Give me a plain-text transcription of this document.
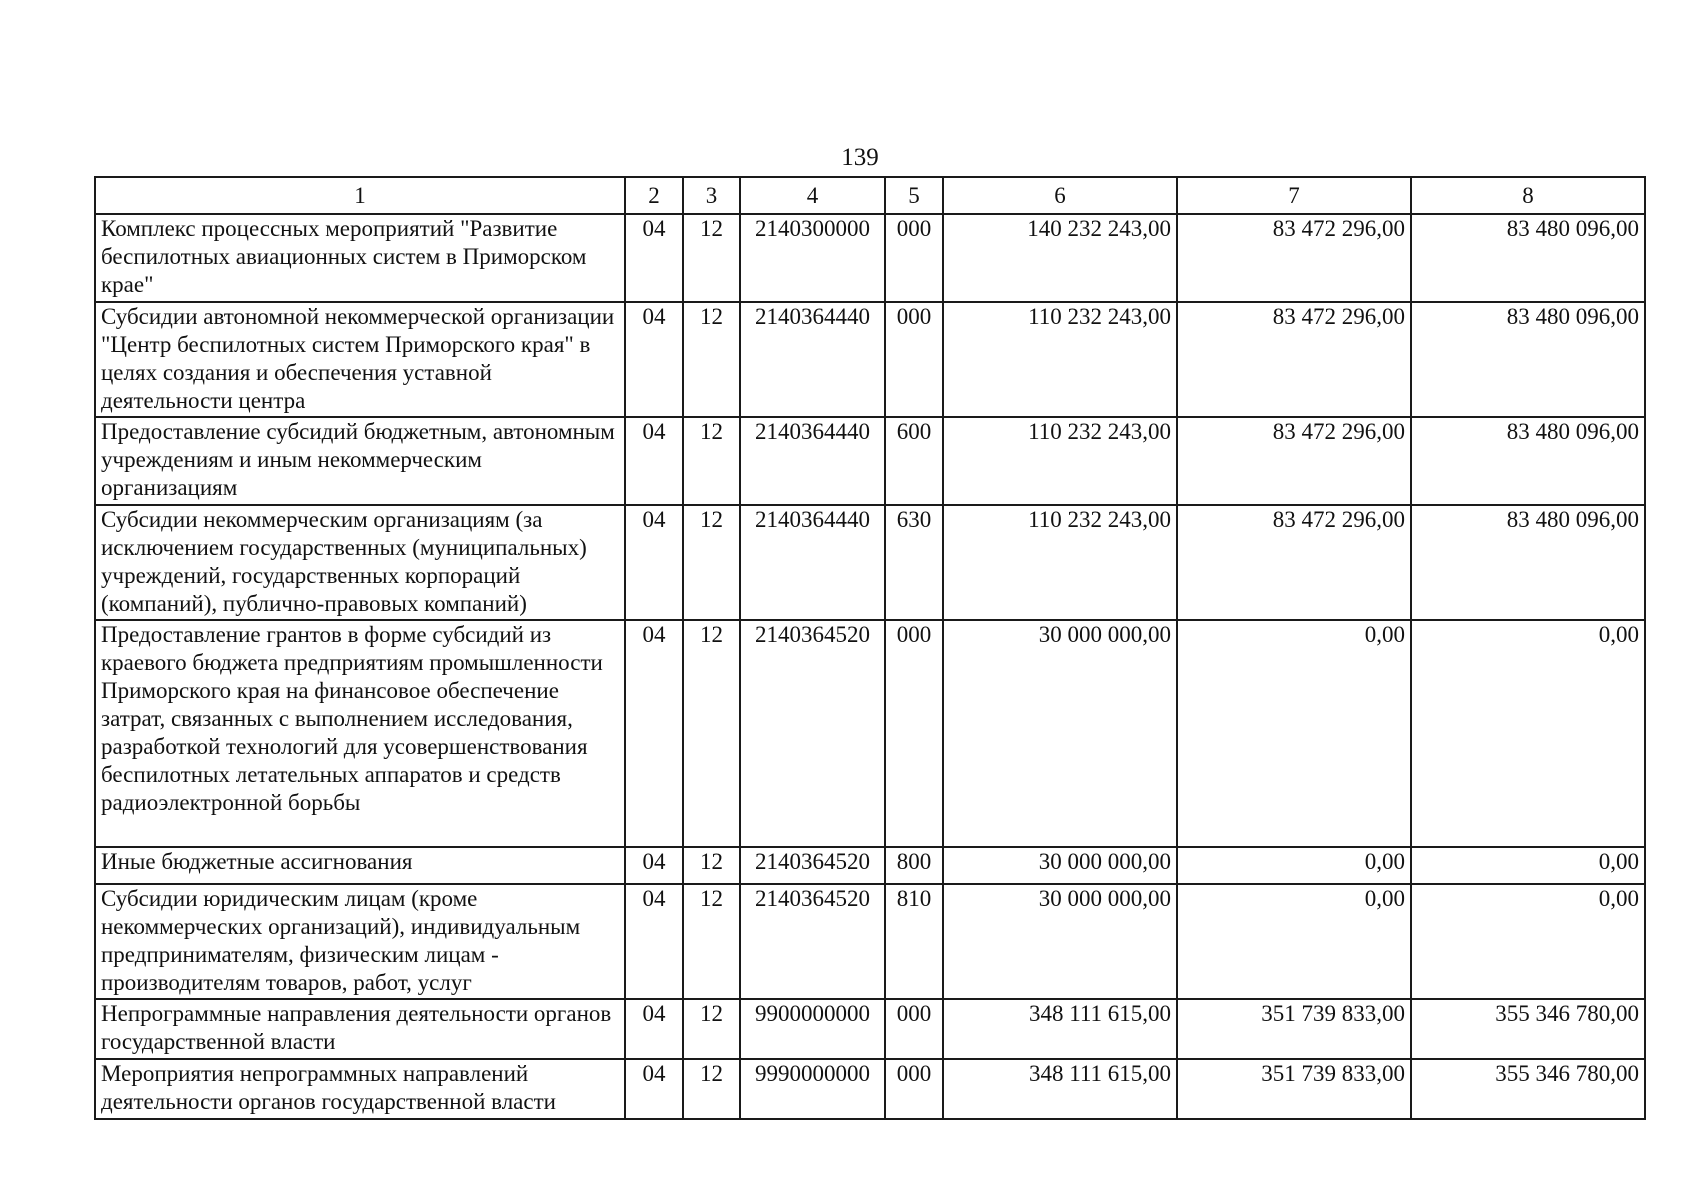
139
1	2	3	4	5	6	7	8
Комплекс процессных мероприятий "Развитие беспилотных авиационных систем в Приморском крае"	04	12	2140300000	000	140 232 243,00	83 472 296,00	83 480 096,00
Субсидии автономной некоммерческой организации "Центр беспилотных систем Приморского края" в целях создания и обеспечения уставной деятельности центра	04	12	2140364440	000	110 232 243,00	83 472 296,00	83 480 096,00
Предоставление субсидий бюджетным, автономным учреждениям и иным некоммерческим организациям	04	12	2140364440	600	110 232 243,00	83 472 296,00	83 480 096,00
Субсидии некоммерческим организациям (за исключением государственных (муниципальных) учреждений, государственных корпораций (компаний), публично-правовых компаний)	04	12	2140364440	630	110 232 243,00	83 472 296,00	83 480 096,00
Предоставление грантов в форме субсидий из краевого бюджета предприятиям промышленности Приморского края на финансовое обеспечение затрат, связанных с выполнением исследования, разработкой технологий для усовершенствования беспилотных летательных аппаратов и средств радиоэлектронной борьбы	04	12	2140364520	000	30 000 000,00	0,00	0,00
Иные бюджетные ассигнования	04	12	2140364520	800	30 000 000,00	0,00	0,00
Субсидии юридическим лицам (кроме некоммерческих организаций), индивидуальным предпринимателям, физическим лицам - производителям товаров, работ, услуг	04	12	2140364520	810	30 000 000,00	0,00	0,00
Непрограммные направления деятельности органов государственной власти	04	12	9900000000	000	348 111 615,00	351 739 833,00	355 346 780,00
Мероприятия непрограммных направлений деятельности органов государственной власти	04	12	9990000000	000	348 111 615,00	351 739 833,00	355 346 780,00
